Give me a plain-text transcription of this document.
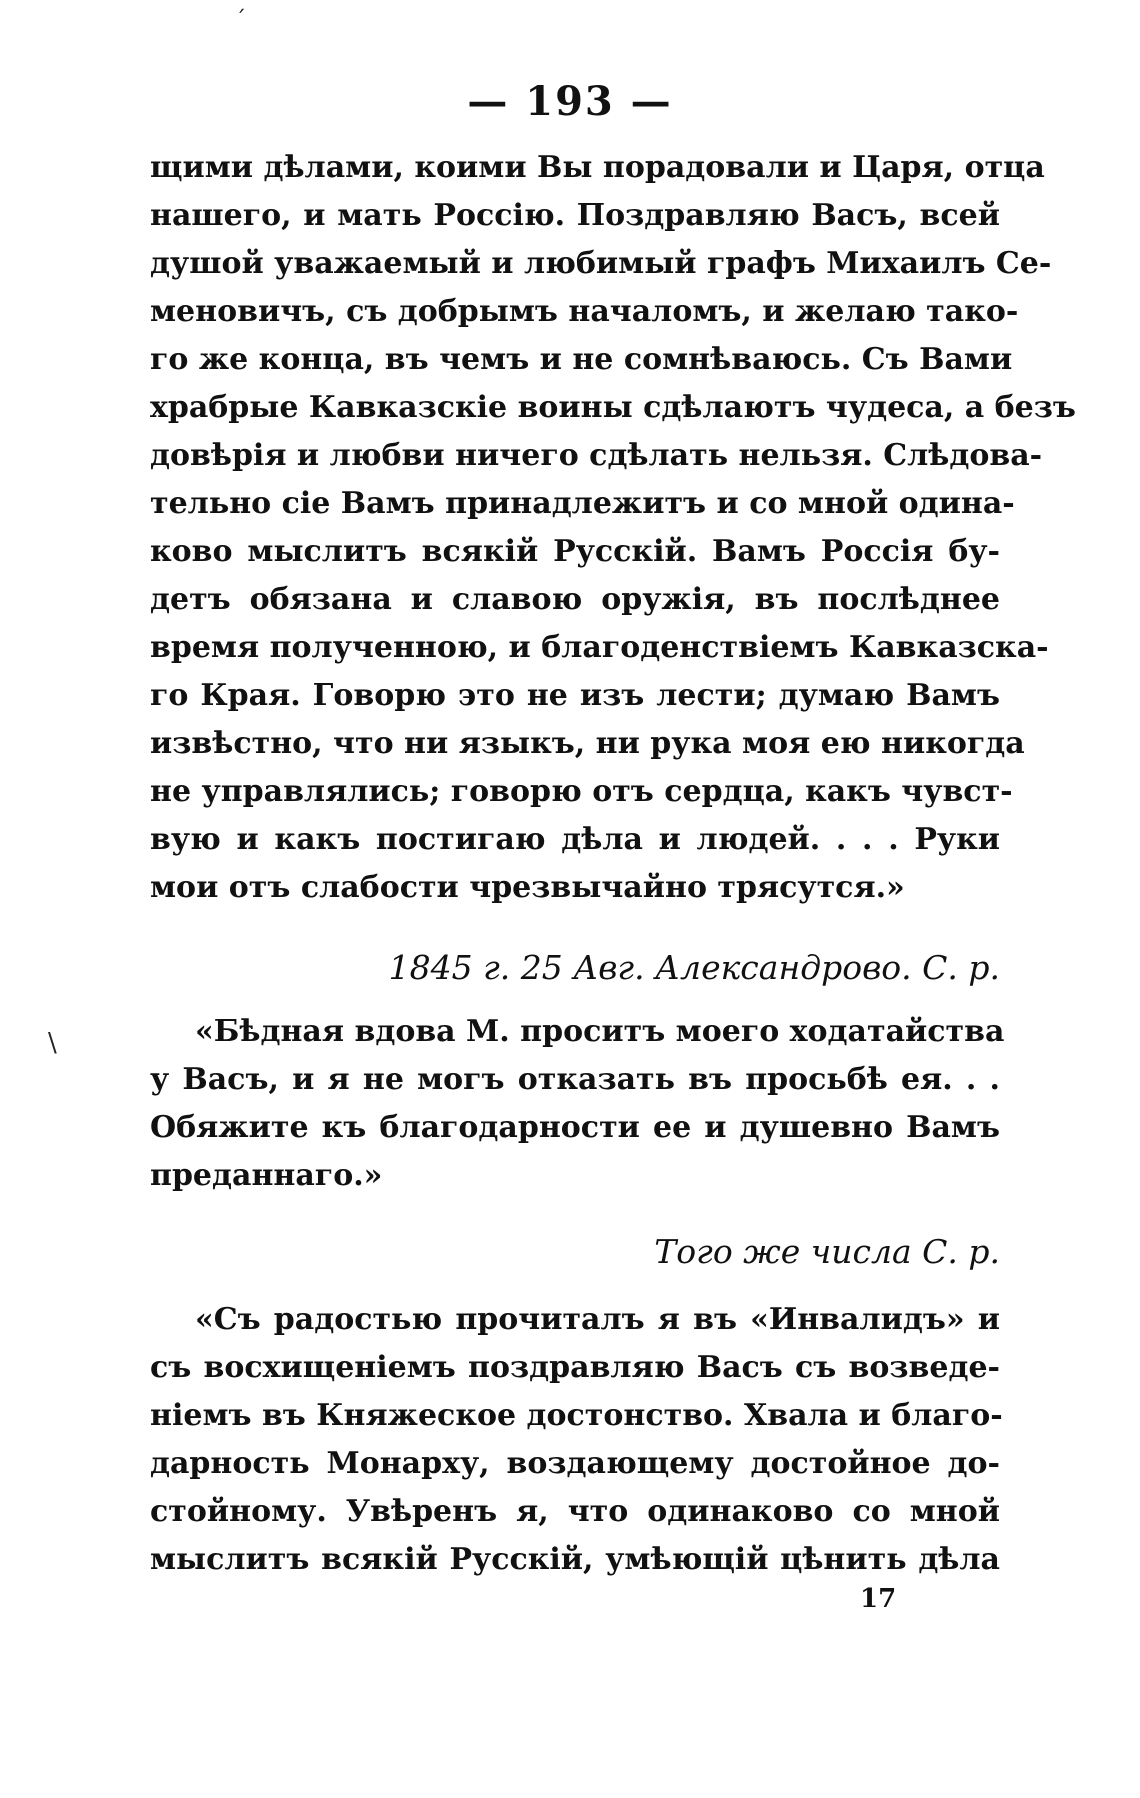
— 193 —
щими дѣлами, коими Вы порадовали и Царя, отца
нашего, и мать Россію. Поздравляю Васъ, всей
душой уважаемый и любимый графъ Михаилъ Се-
меновичъ, съ добрымъ началомъ, и желаю тако-
го же конца, въ чемъ и не сомнѣваюсь. Съ Вами
храбрые Кавказскіе воины сдѣлаютъ чудеса, а безъ
довѣрія и любви ничего сдѣлать нельзя. Слѣдова-
тельно сіе Вамъ принадлежитъ и со мной одина-
ково мыслитъ всякій Русскій. Вамъ Россія бу-
детъ обязана и славою оружія, въ послѣднее
время полученною, и благоденствіемъ Кавказска-
го Края. Говорю это не изъ лести; думаю Вамъ
извѣстно, что ни языкъ, ни рука моя ею никогда
не управлялись; говорю отъ сердца, какъ чувст-
вую и какъ постигаю дѣла и людей. . . . Руки
мои отъ слабости чрезвычайно трясутся.»
1845 г. 25 Авг. Александрово. С. р.
«Бѣдная вдова М. проситъ моего ходатайства
у Васъ, и я не могъ отказать въ просьбѣ ея. . .
Обяжите къ благодарности ее и душевно Вамъ
преданнаго.»
Того же числа С. р.
«Съ радостью прочиталъ я въ «Инвалидъ» и
съ восхищеніемъ поздравляю Васъ съ возведе-
ніемъ въ Княжеское достонство. Хвала и благо-
дарность Монарху, воздающему достойное до-
стойному. Увѣренъ я, что одинаково со мной
мыслитъ всякій Русскій, умѣющій цѣнить дѣла
17
ˊ
\
